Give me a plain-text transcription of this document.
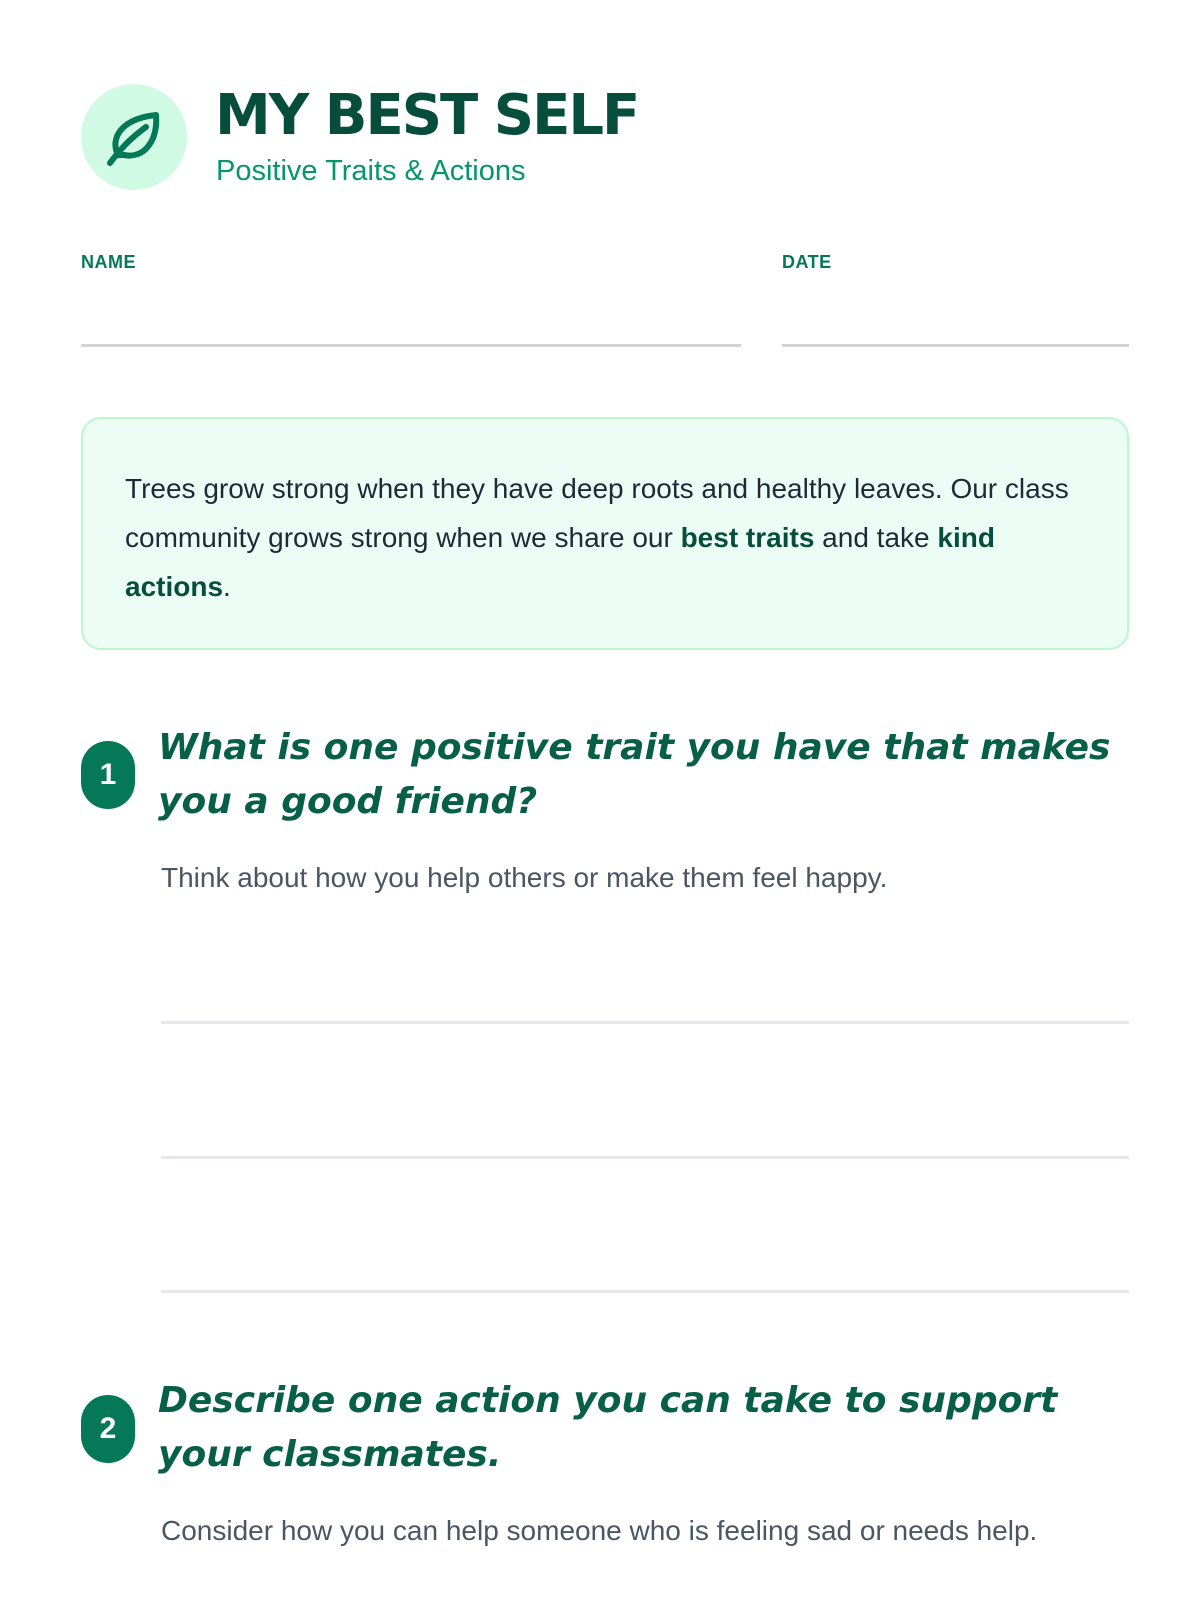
MY BEST SELF
Positive Traits & Actions
NAME	DATE

Trees grow strong when they have deep roots and healthy leaves. Our class community grows strong when we share our best traits and take kind actions.

1
What is one positive trait you have that makes you a good friend?
Think about how you help others or make them feel happy.
2
Describe one action you can take to support your classmates.
Consider how you can help someone who is feeling sad or needs help.
